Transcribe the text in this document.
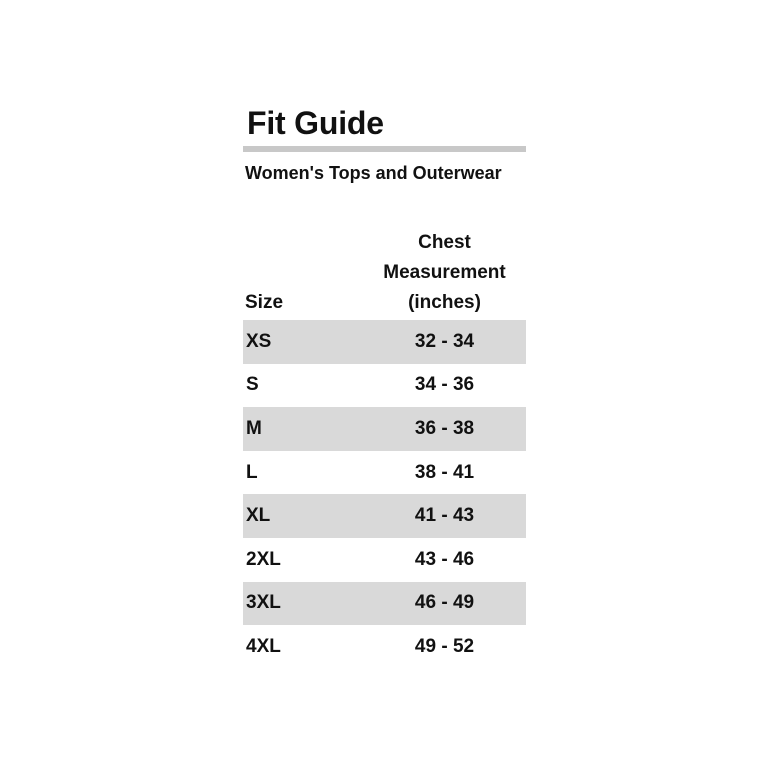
Fit Guide
Women's Tops and Outerwear
Size	Chest
Measurement
(inches)
XS	32 - 34
S	34 - 36
M	36 - 38
L	38 - 41
XL	41 - 43
2XL	43 - 46
3XL	46 - 49
4XL	49 - 52
